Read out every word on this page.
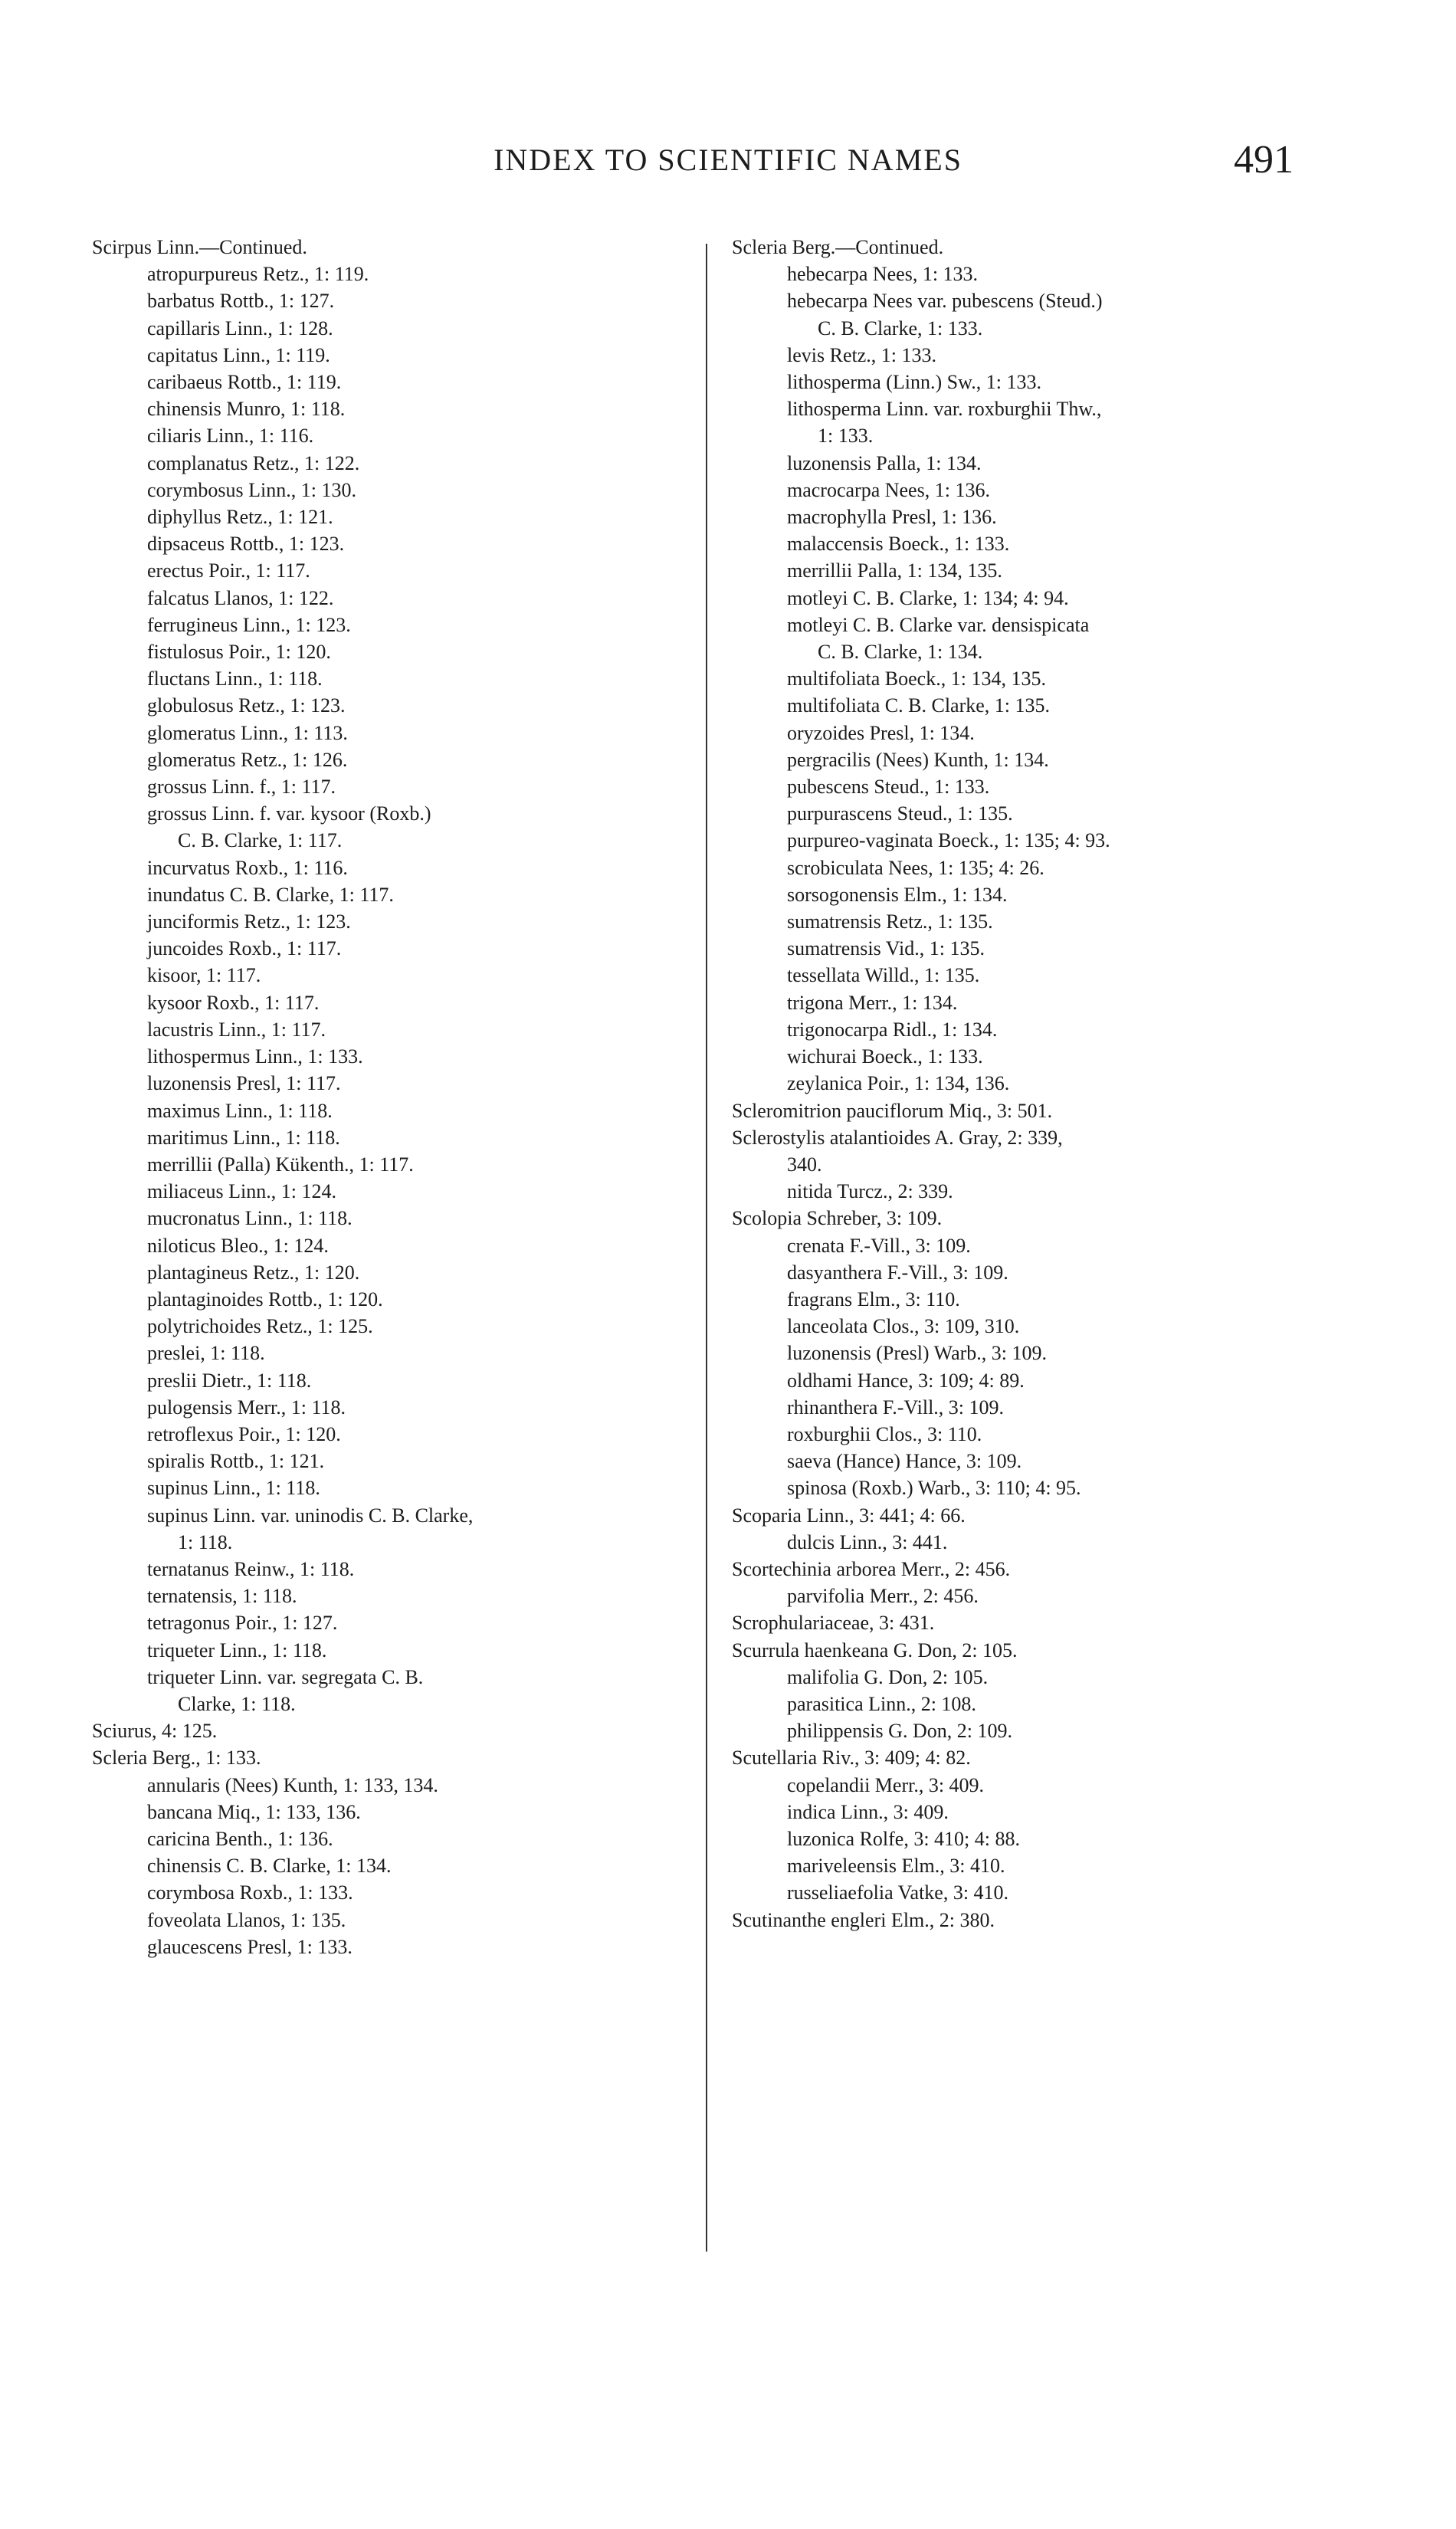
INDEX TO SCIENTIFIC NAMES	491
Scirpus Linn.—Continued.
atropurpureus Retz., 1: 119.
barbatus Rottb., 1: 127.
capillaris Linn., 1: 128.
capitatus Linn., 1: 119.
caribaeus Rottb., 1: 119.
chinensis Munro, 1: 118.
ciliaris Linn., 1: 116.
complanatus Retz., 1: 122.
corymbosus Linn., 1: 130.
diphyllus Retz., 1: 121.
dipsaceus Rottb., 1: 123.
erectus Poir., 1: 117.
falcatus Llanos, 1: 122.
ferrugineus Linn., 1: 123.
fistulosus Poir., 1: 120.
fluctans Linn., 1: 118.
globulosus Retz., 1: 123.
glomeratus Linn., 1: 113.
glomeratus Retz., 1: 126.
grossus Linn. f., 1: 117.
grossus Linn. f. var. kysoor (Roxb.)
C. B. Clarke, 1: 117.
incurvatus Roxb., 1: 116.
inundatus C. B. Clarke, 1: 117.
junciformis Retz., 1: 123.
juncoides Roxb., 1: 117.
kisoor, 1: 117.
kysoor Roxb., 1: 117.
lacustris Linn., 1: 117.
lithospermus Linn., 1: 133.
luzonensis Presl, 1: 117.
maximus Linn., 1: 118.
maritimus Linn., 1: 118.
merrillii (Palla) Kükenth., 1: 117.
miliaceus Linn., 1: 124.
mucronatus Linn., 1: 118.
niloticus Bleo., 1: 124.
plantagineus Retz., 1: 120.
plantaginoides Rottb., 1: 120.
polytrichoides Retz., 1: 125.
preslei, 1: 118.
preslii Dietr., 1: 118.
pulogensis Merr., 1: 118.
retroflexus Poir., 1: 120.
spiralis Rottb., 1: 121.
supinus Linn., 1: 118.
supinus Linn. var. uninodis C. B. Clarke,
1: 118.
ternatanus Reinw., 1: 118.
ternatensis, 1: 118.
tetragonus Poir., 1: 127.
triqueter Linn., 1: 118.
triqueter Linn. var. segregata C. B.
Clarke, 1: 118.
Sciurus, 4: 125.
Scleria Berg., 1: 133.
annularis (Nees) Kunth, 1: 133, 134.
bancana Miq., 1: 133, 136.
caricina Benth., 1: 136.
chinensis C. B. Clarke, 1: 134.
corymbosa Roxb., 1: 133.
foveolata Llanos, 1: 135.
glaucescens Presl, 1: 133.
Scleria Berg.—Continued.
hebecarpa Nees, 1: 133.
hebecarpa Nees var. pubescens (Steud.)
C. B. Clarke, 1: 133.
levis Retz., 1: 133.
lithosperma (Linn.) Sw., 1: 133.
lithosperma Linn. var. roxburghii Thw.,
1: 133.
luzonensis Palla, 1: 134.
macrocarpa Nees, 1: 136.
macrophylla Presl, 1: 136.
malaccensis Boeck., 1: 133.
merrillii Palla, 1: 134, 135.
motleyi C. B. Clarke, 1: 134; 4: 94.
motleyi C. B. Clarke var. densispicata
C. B. Clarke, 1: 134.
multifoliata Boeck., 1: 134, 135.
multifoliata C. B. Clarke, 1: 135.
oryzoides Presl, 1: 134.
pergracilis (Nees) Kunth, 1: 134.
pubescens Steud., 1: 133.
purpurascens Steud., 1: 135.
purpureo-vaginata Boeck., 1: 135; 4: 93.
scrobiculata Nees, 1: 135; 4: 26.
sorsogonensis Elm., 1: 134.
sumatrensis Retz., 1: 135.
sumatrensis Vid., 1: 135.
tessellata Willd., 1: 135.
trigona Merr., 1: 134.
trigonocarpa Ridl., 1: 134.
wichurai Boeck., 1: 133.
zeylanica Poir., 1: 134, 136.
Scleromitrion pauciflorum Miq., 3: 501.
Sclerostylis atalantioides A. Gray, 2: 339,
340.
nitida Turcz., 2: 339.
Scolopia Schreber, 3: 109.
crenata F.-Vill., 3: 109.
dasyanthera F.-Vill., 3: 109.
fragrans Elm., 3: 110.
lanceolata Clos., 3: 109, 310.
luzonensis (Presl) Warb., 3: 109.
oldhami Hance, 3: 109; 4: 89.
rhinanthera F.-Vill., 3: 109.
roxburghii Clos., 3: 110.
saeva (Hance) Hance, 3: 109.
spinosa (Roxb.) Warb., 3: 110; 4: 95.
Scoparia Linn., 3: 441; 4: 66.
dulcis Linn., 3: 441.
Scortechinia arborea Merr., 2: 456.
parvifolia Merr., 2: 456.
Scrophulariaceae, 3: 431.
Scurrula haenkeana G. Don, 2: 105.
malifolia G. Don, 2: 105.
parasitica Linn., 2: 108.
philippensis G. Don, 2: 109.
Scutellaria Riv., 3: 409; 4: 82.
copelandii Merr., 3: 409.
indica Linn., 3: 409.
luzonica Rolfe, 3: 410; 4: 88.
mariveleensis Elm., 3: 410.
russeliaefolia Vatke, 3: 410.
Scutinanthe engleri Elm., 2: 380.
